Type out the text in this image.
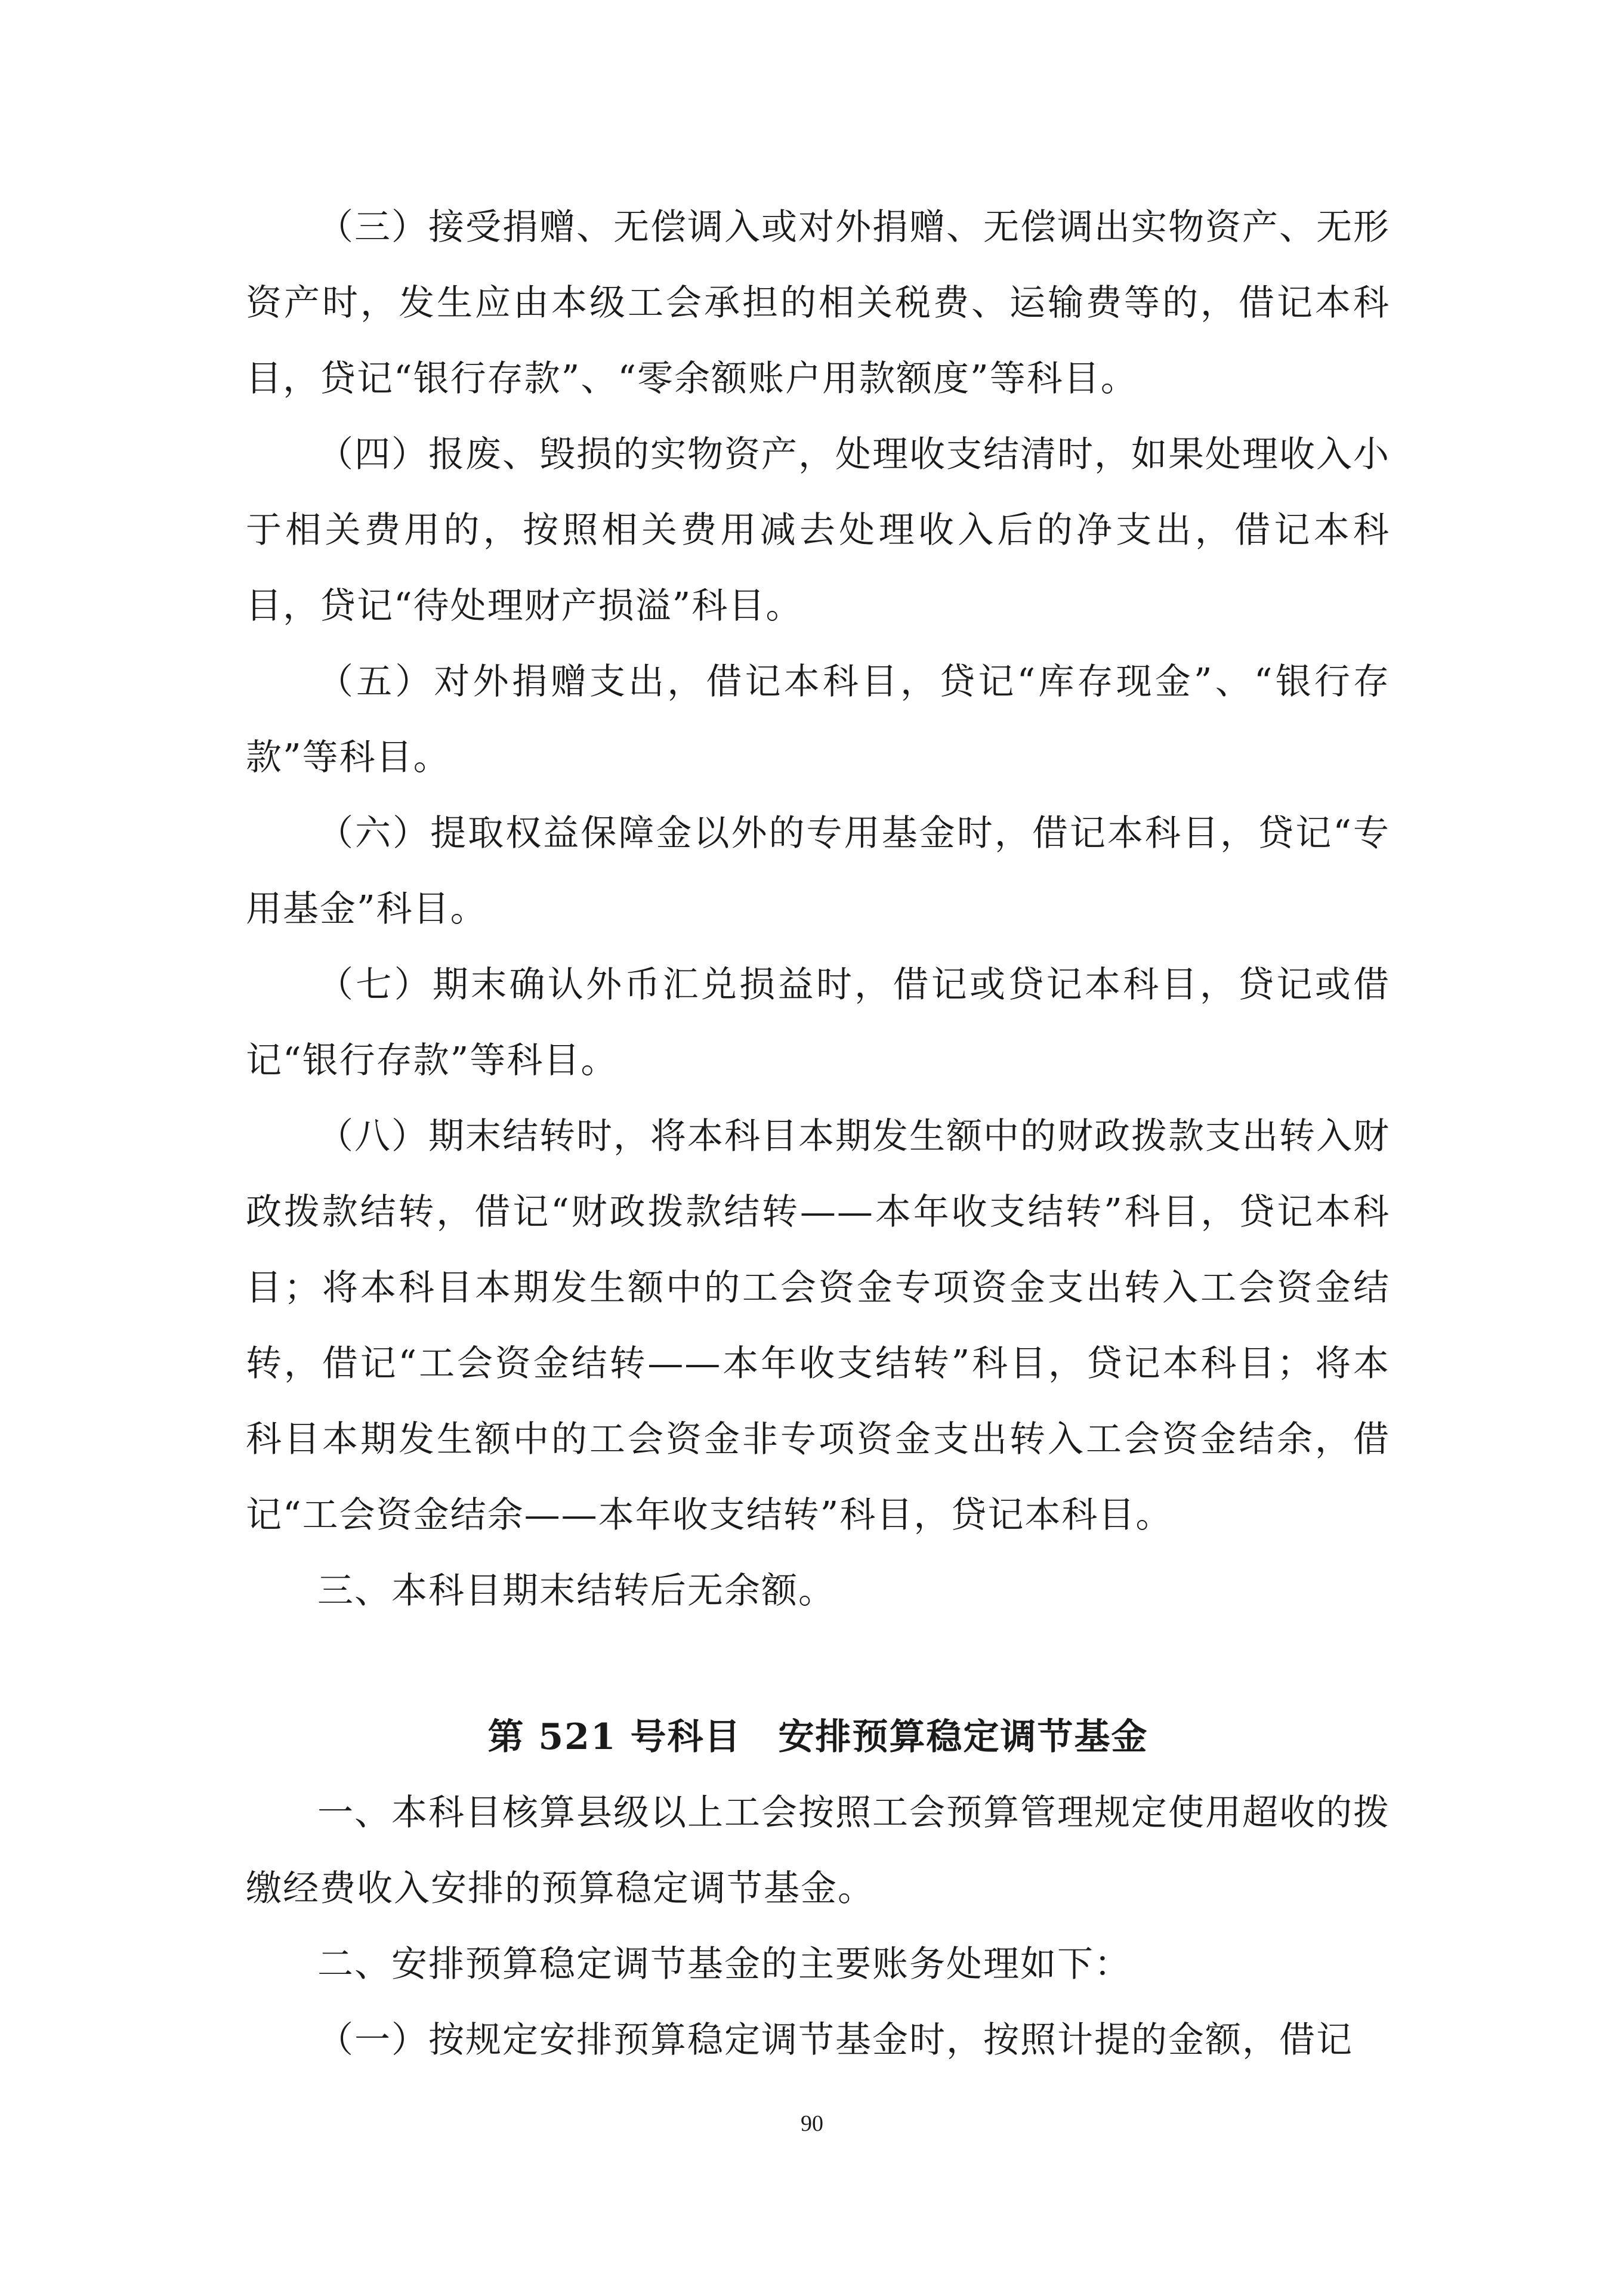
（三）接受捐赠、无偿调入或对外捐赠、无偿调出实物资产、无形资产时，发生应由本级工会承担的相关税费、运输费等的，借记本科目，贷记“银行存款”、“零余额账户用款额度”等科目。

（四）报废、毁损的实物资产，处理收支结清时，如果处理收入小于相关费用的，按照相关费用减去处理收入后的净支出，借记本科目，贷记“待处理财产损溢”科目。

（五）对外捐赠支出，借记本科目，贷记“库存现金”、“银行存款”等科目。

（六）提取权益保障金以外的专用基金时，借记本科目，贷记“专用基金”科目。

（七）期末确认外币汇兑损益时，借记或贷记本科目，贷记或借记“银行存款”等科目。

（八）期末结转时，将本科目本期发生额中的财政拨款支出转入财政拨款结转，借记“财政拨款结转——本年收支结转”科目，贷记本科目；将本科目本期发生额中的工会资金专项资金支出转入工会资金结转，借记“工会资金结转——本年收支结转”科目，贷记本科目；将本科目本期发生额中的工会资金非专项资金支出转入工会资金结余，借记“工会资金结余——本年收支结转”科目，贷记本科目。

三、本科目期末结转后无余额。

第 521 号科目　安排预算稳定调节基金

一、本科目核算县级以上工会按照工会预算管理规定使用超收的拨缴经费收入安排的预算稳定调节基金。

二、安排预算稳定调节基金的主要账务处理如下：

（一）按规定安排预算稳定调节基金时，按照计提的金额，借记

90
